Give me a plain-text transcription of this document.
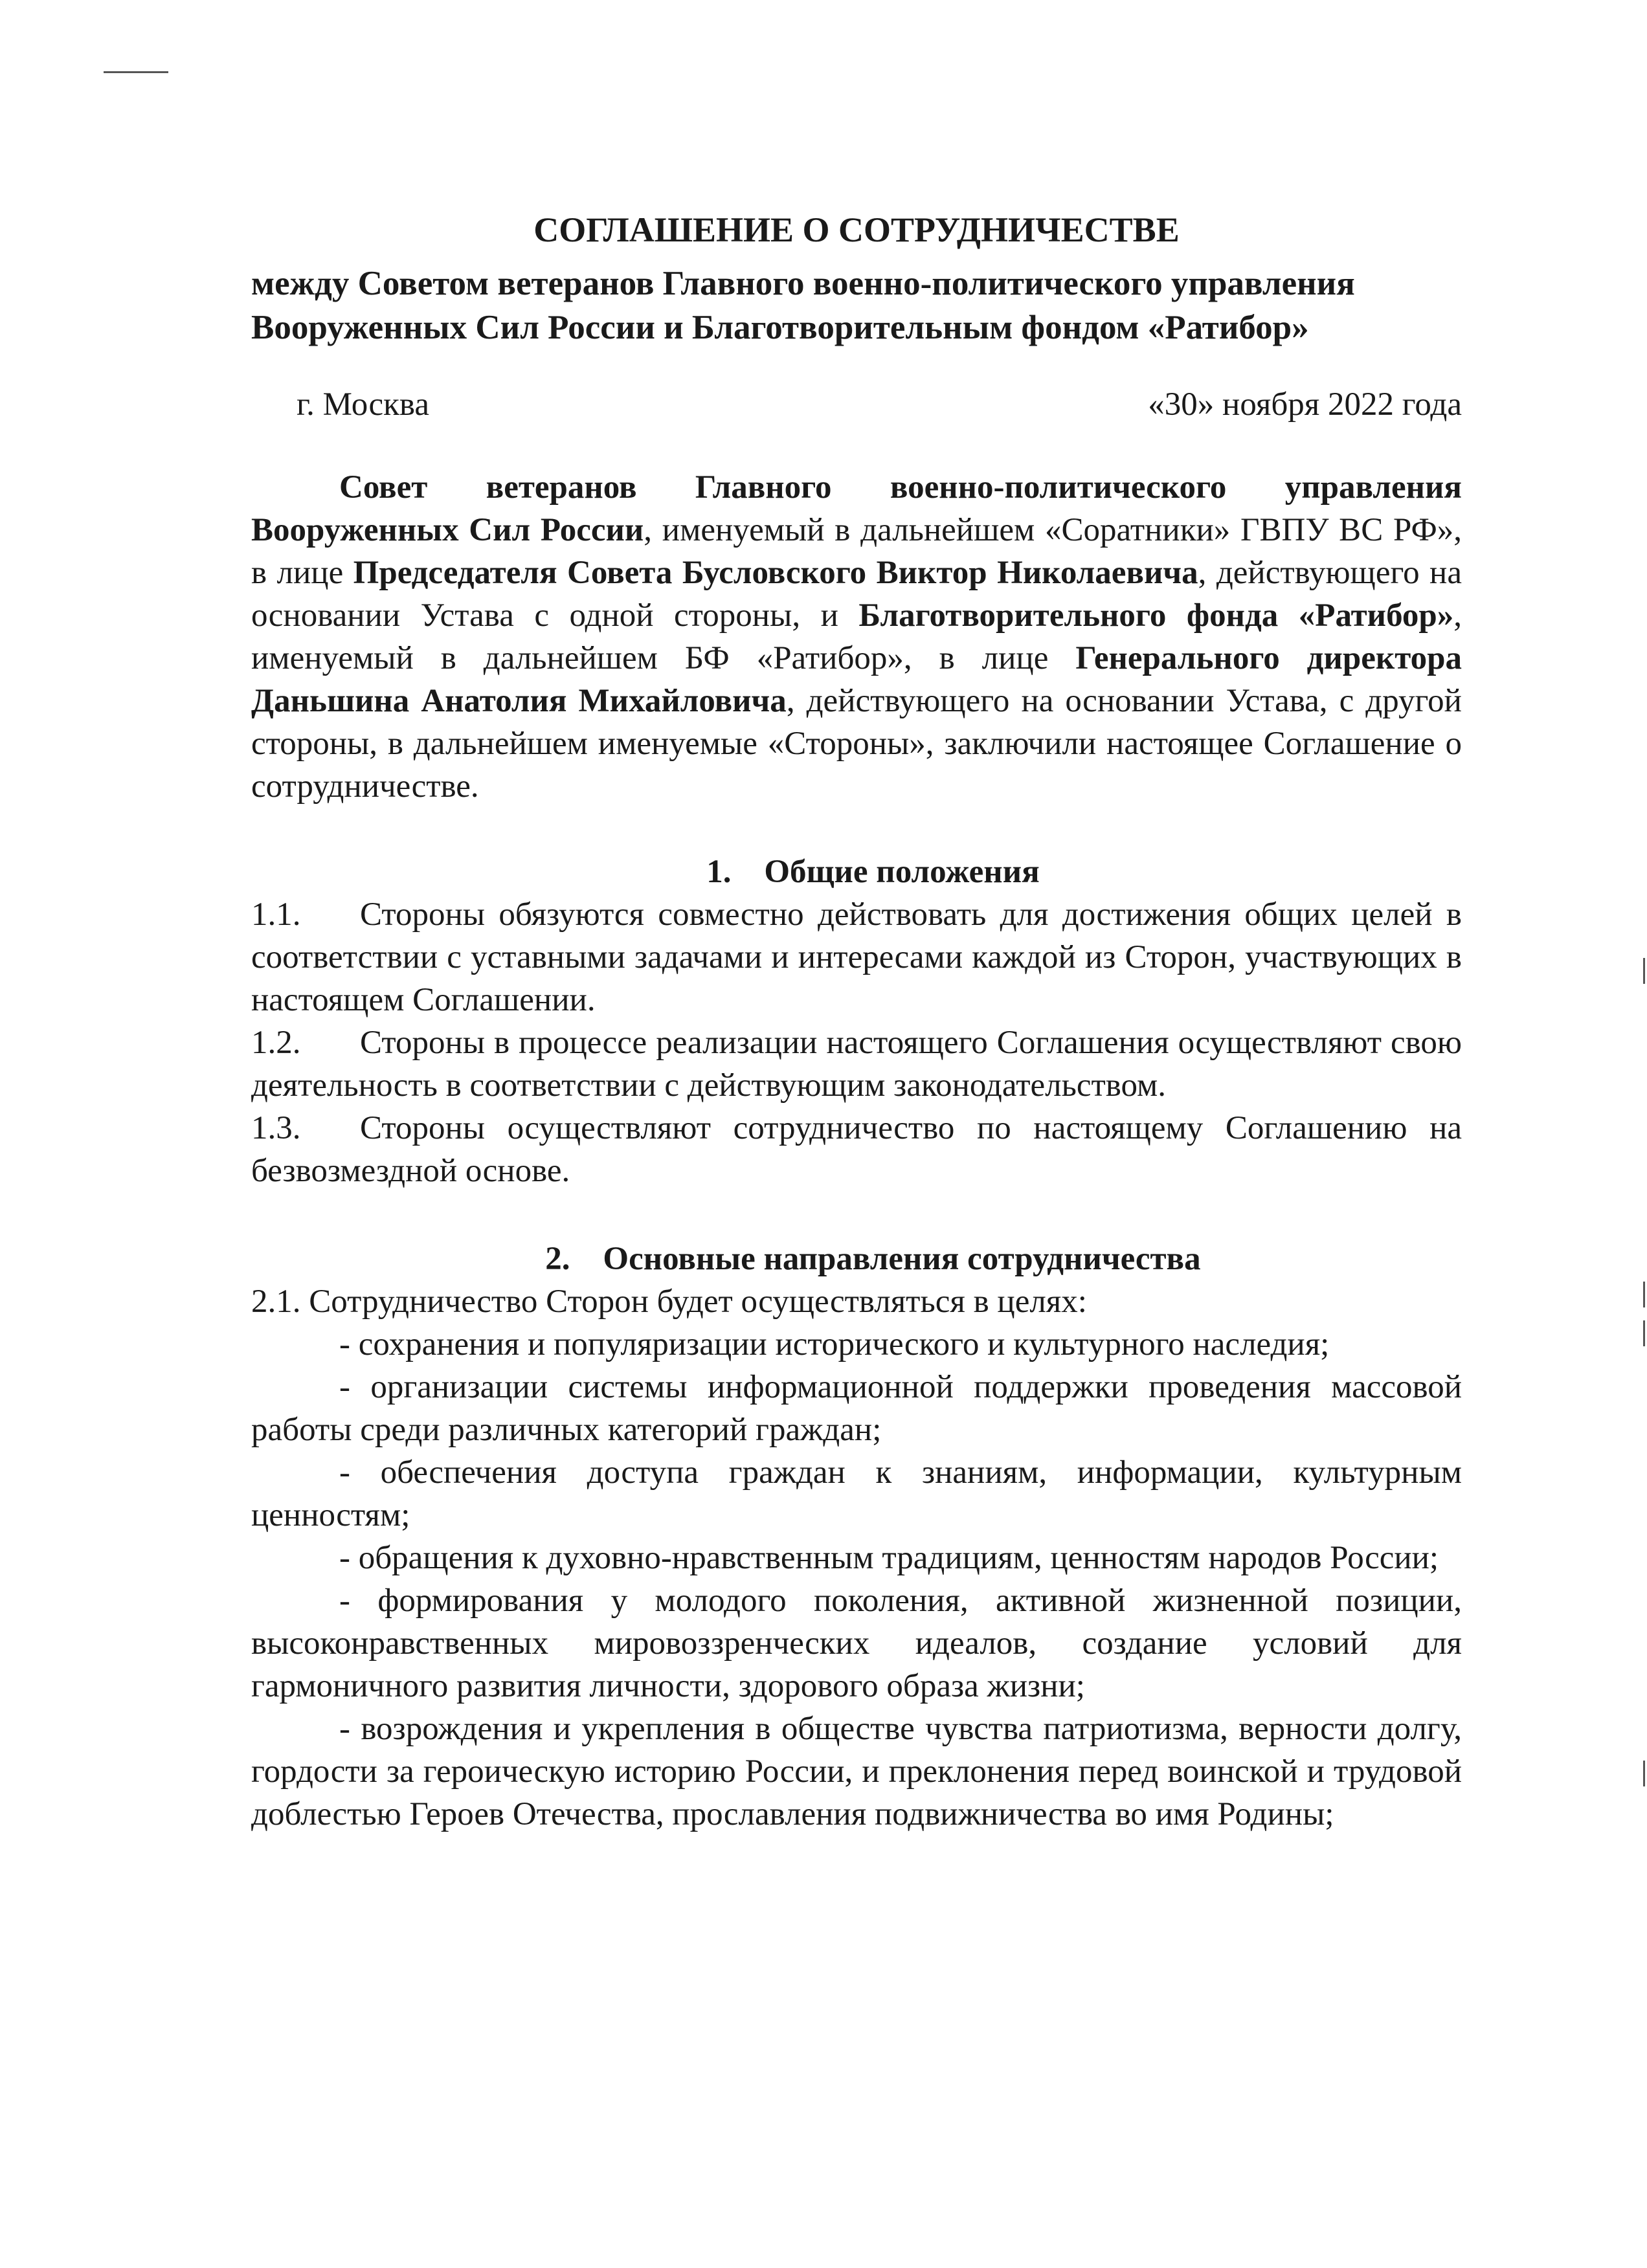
СОГЛАШЕНИЕ О СОТРУДНИЧЕСТВЕ

между Советом ветеранов Главного военно-политического управления
Вооруженных Сил России и Благотворительным фондом «Ратибор»

г. Москва	«30» ноября 2022 года

Совет ветеранов Главного военно-политического управления Вооруженных Сил России, именуемый в дальнейшем «Соратники» ГВПУ ВС РФ», в лице Председателя Совета Бусловского Виктор Николаевича, действующего на основании Устава с одной стороны, и Благотворительного фонда «Ратибор», именуемый в дальнейшем БФ «Ратибор», в лице Генерального директора Даньшина Анатолия Михайловича, действующего на основании Устава, с другой стороны, в дальнейшем именуемые «Стороны», заключили настоящее Соглашение о сотрудничестве.

1. Общие положения

1.1. Стороны обязуются совместно действовать для достижения общих целей в соответствии с уставными задачами и интересами каждой из Сторон, участвующих в настоящем Соглашении.

1.2. Стороны в процессе реализации настоящего Соглашения осуществляют свою деятельность в соответствии с действующим законодательством.

1.3. Стороны осуществляют сотрудничество по настоящему Соглашению на безвозмездной основе.

2. Основные направления сотрудничества

2.1. Сотрудничество Сторон будет осуществляться в целях:

- сохранения и популяризации исторического и культурного наследия;

- организации системы информационной поддержки проведения массовой работы среди различных категорий граждан;

- обеспечения доступа граждан к знаниям, информации, культурным ценностям;

- обращения к духовно-нравственным традициям, ценностям народов России;

- формирования у молодого поколения, активной жизненной позиции, высоконравственных мировоззренческих идеалов, создание условий для гармоничного развития личности, здорового образа жизни;

- возрождения и укрепления в обществе чувства патриотизма, верности долгу, гордости за героическую историю России, и преклонения перед воинской и трудовой доблестью Героев Отечества, прославления подвижничества во имя Родины;
